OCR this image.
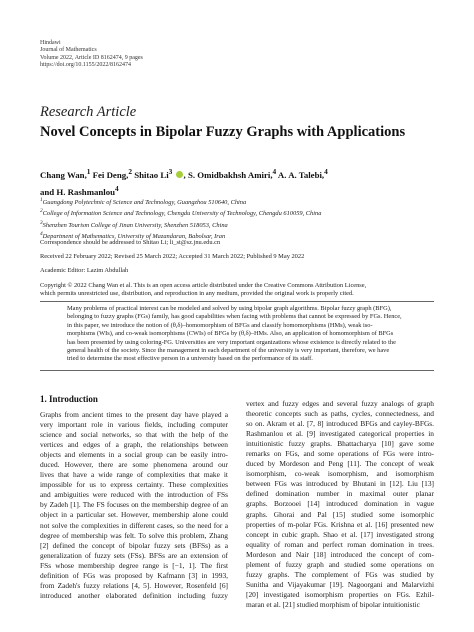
Hindawi
Journal of Mathematics
Volume 2022, Article ID 8162474, 9 pages
https://doi.org/10.1155/2022/8162474
Research Article
Novel Concepts in Bipolar Fuzzy Graphs with Applications
Chang Wan,$^1$ Fei Deng,$^2$ Shitao Li$^3$ , S. Omidbakhsh Amiri,$^4$ A. A. Talebi,$^4$
and H. Rashmanlou$^4$
$^1$Guangdong Polytechnic of Science and Technology, Guangzhou 510640, China
$^2$College of Information Science and Technology, Chengdu University of Technology, Chengdu 610059, China
$^3$Shenzhen Tourism College of Jinan University, Shenzhen 518053, China
$^4$Department of Mathematics, University of Mazandaran, Babolsar, Iran
Correspondence should be addressed to Shitao Li; li_st@sz.jnu.edu.cn
Received 22 February 2022; Revised 25 March 2022; Accepted 31 March 2022; Published 9 May 2022
Academic Editor: Lazim Abdullah
Copyright © 2022 Chang Wan et al. This is an open access article distributed under the Creative Commons Attribution License,
which permits unrestricted use, distribution, and reproduction in any medium, provided the original work is properly cited.
Many problems of practical interest can be modeled and solved by using bipolar graph algorithms. Bipolar fuzzy graph (BFG),
belonging to fuzzy graphs (FGs) family, has good capabilities when facing with problems that cannot be expressed by FGs. Hence,
in this paper, we introduce the notion of (θ,δ)–homomorphism of BFGs and classify homomorphisms (HMs), weak iso-
morphisms (WIs), and co-weak isomorphisms (CWIs) of BFGs by (θ,δ)–HMs. Also, an application of homomorphism of BFGs
has been presented by using coloring-FG. Universities are very important organizations whose existence is directly related to the
general health of the society. Since the management in each department of the university is very important, therefore, we have
tried to determine the most effective person in a university based on the performance of its staff.
1. Introduction
Graphs from ancient times to the present day have played a
very important role in various fields, including computer
science and social networks, so that with the help of the
vertices and edges of a graph, the relationships between
objects and elements in a social group can be easily intro-
duced. However, there are some phenomena around our
lives that have a wide range of complexities that make it
impossible for us to express certainty. These complexities
and ambiguities were reduced with the introduction of FSs
by Zadeh [1]. The FS focuses on the membership degree of an
object in a particular set. However, membership alone could
not solve the complexities in different cases, so the need for a
degree of membership was felt. To solve this problem, Zhang
[2] defined the concept of bipolar fuzzy sets (BFSs) as a
generalization of fuzzy sets (FSs). BFSs are an extension of
FSs whose membership degree range is [−1, 1]. The first
definition of FGs was proposed by Kafmann [3] in 1993,
from Zadeh's fuzzy relations [4, 5]. However, Rosenfeld [6]
introduced another elaborated definition including fuzzy
vertex and fuzzy edges and several fuzzy analogs of graph
theoretic concepts such as paths, cycles, connectedness, and
so on. Akram et al. [7, 8] introduced BFGs and cayley-BFGs.
Rashmanlou et al. [9] investigated categorical properties in
intuitionistic fuzzy graphs. Bhattacharya [10] gave some
remarks on FGs, and some operations of FGs were intro-
duced by Mordeson and Peng [11]. The concept of weak
isomorphism, co-weak isomorphism, and isomorphism
between FGs was introduced by Bhutani in [12]. Liu [13]
defined domination number in maximal outer planar
graphs. Borzooei [14] introduced domination in vague
graphs. Ghorai and Pal [15] studied some isomorphic
properties of m-polar FGs. Krishna et al. [16] presented new
concept in cubic graph. Shao et al. [17] investigated strong
equality of roman and perfect roman domination in trees.
Mordeson and Nair [18] introduced the concept of com-
plement of fuzzy graph and studied some operations on
fuzzy graphs. The complement of FGs was studied by
Sunitha and Vijayakumar [19]. Nagoorgani and Malarvizhi
[20] investigated isomorphism properties on FGs. Ezhil-
maran et al. [21] studied morphism of bipolar intuitionistic
